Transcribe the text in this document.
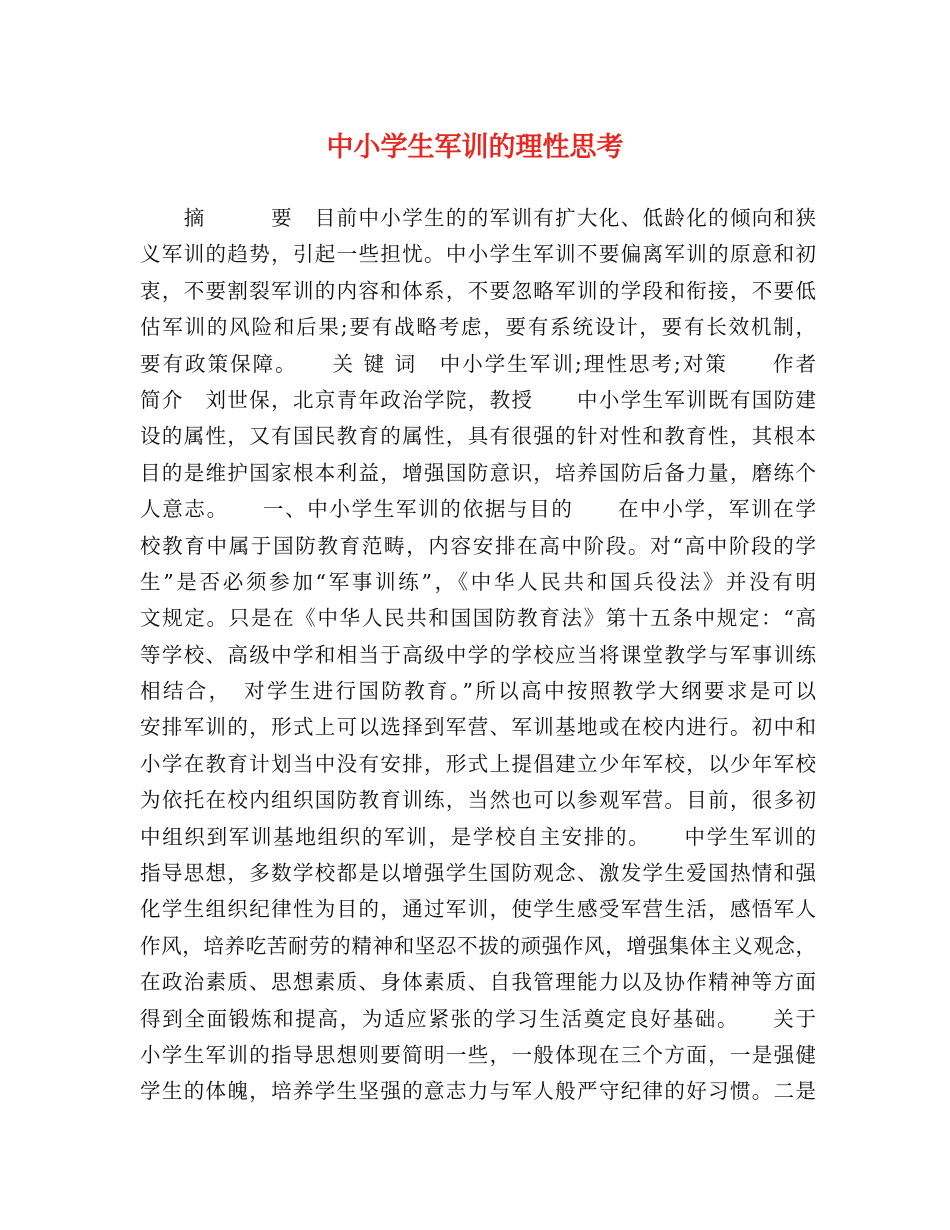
中小学生军训的理性思考
　　摘　　　要　目前中小学生的的军训有扩大化、低龄化的倾向和狭
义军训的趋势，引起一些担忧。中小学生军训不要偏离军训的原意和初
衷，不要割裂军训的内容和体系，不要忽略军训的学段和衔接，不要低
估军训的风险和后果;要有战略考虑，要有系统设计，要有长效机制，
要有政策保障。　　关 键 词　中小学生军训;理性思考;对策　　作者
简介　刘世保，北京青年政治学院，教授　　中小学生军训既有国防建
设的属性，又有国民教育的属性，具有很强的针对性和教育性，其根本
目的是维护国家根本利益，增强国防意识，培养国防后备力量，磨练个
人意志。　　一、中小学生军训的依据与目的　　在中小学，军训在学
校教育中属于国防教育范畴，内容安排在高中阶段。对“高中阶段的学
生”是否必须参加“军事训练”，《中华人民共和国兵役法》并没有明
文规定。只是在《中华人民共和国国防教育法》第十五条中规定：“高
等学校、高级中学和相当于高级中学的学校应当将课堂教学与军事训练
相结合，　对学生进行国防教育。”所以高中按照教学大纲要求是可以
安排军训的，形式上可以选择到军营、军训基地或在校内进行。初中和
小学在教育计划当中没有安排，形式上提倡建立少年军校，以少年军校
为依托在校内组织国防教育训练，当然也可以参观军营。目前，很多初
中组织到军训基地组织的军训，是学校自主安排的。　　中学生军训的
指导思想，多数学校都是以增强学生国防观念、激发学生爱国热情和强
化学生组织纪律性为目的，通过军训，使学生感受军营生活，感悟军人
作风，培养吃苦耐劳的精神和坚忍不拔的顽强作风，增强集体主义观念，
在政治素质、思想素质、身体素质、自我管理能力以及协作精神等方面
得到全面锻炼和提高，为适应紧张的学习生活奠定良好基础。　　关于
小学生军训的指导思想则要简明一些，一般体现在三个方面，一是强健
学生的体魄，培养学生坚强的意志力与军人般严守纪律的好习惯。二是
